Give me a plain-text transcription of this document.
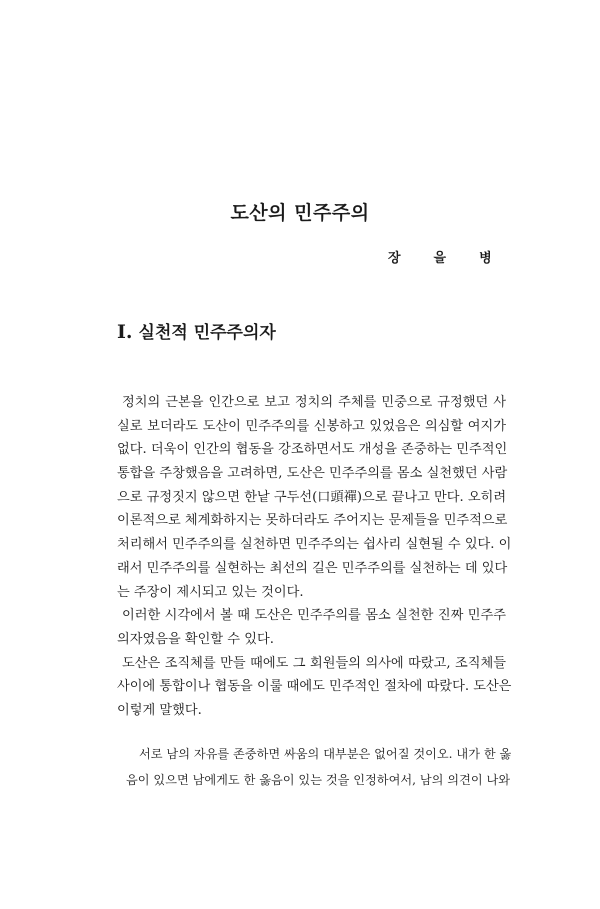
도산의 민주주의
장을병
Ⅰ. 실천적 민주주의자
정치의 근본을 인간으로 보고 정치의 주체를 민중으로 규정했던 사
실로 보더라도 도산이 민주주의를 신봉하고 있었음은 의심할 여지가
없다. 더욱이 인간의 협동을 강조하면서도 개성을 존중하는 민주적인
통합을 주창했음을 고려하면, 도산은 민주주의를 몸소 실천했던 사람
으로 규정짓지 않으면 한낱 구두선(口頭禪)으로 끝나고 만다. 오히려
이론적으로 체계화하지는 못하더라도 주어지는 문제들을 민주적으로
처리해서 민주주의를 실천하면 민주주의는 쉽사리 실현될 수 있다. 이
래서 민주주의를 실현하는 최선의 길은 민주주의를 실천하는 데 있다
는 주장이 제시되고 있는 것이다.
이러한 시각에서 볼 때 도산은 민주주의를 몸소 실천한 진짜 민주주
의자였음을 확인할 수 있다.
도산은 조직체를 만들 때에도 그 회원들의 의사에 따랐고, 조직체들
사이에 통합이나 협동을 이룰 때에도 민주적인 절차에 따랐다. 도산은
이렇게 말했다.
서로 남의 자유를 존중하면 싸움의 대부분은 없어질 것이오. 내가 한 옳
음이 있으면 남에게도 한 옳음이 있는 것을 인정하여서, 남의 의견이 나와
